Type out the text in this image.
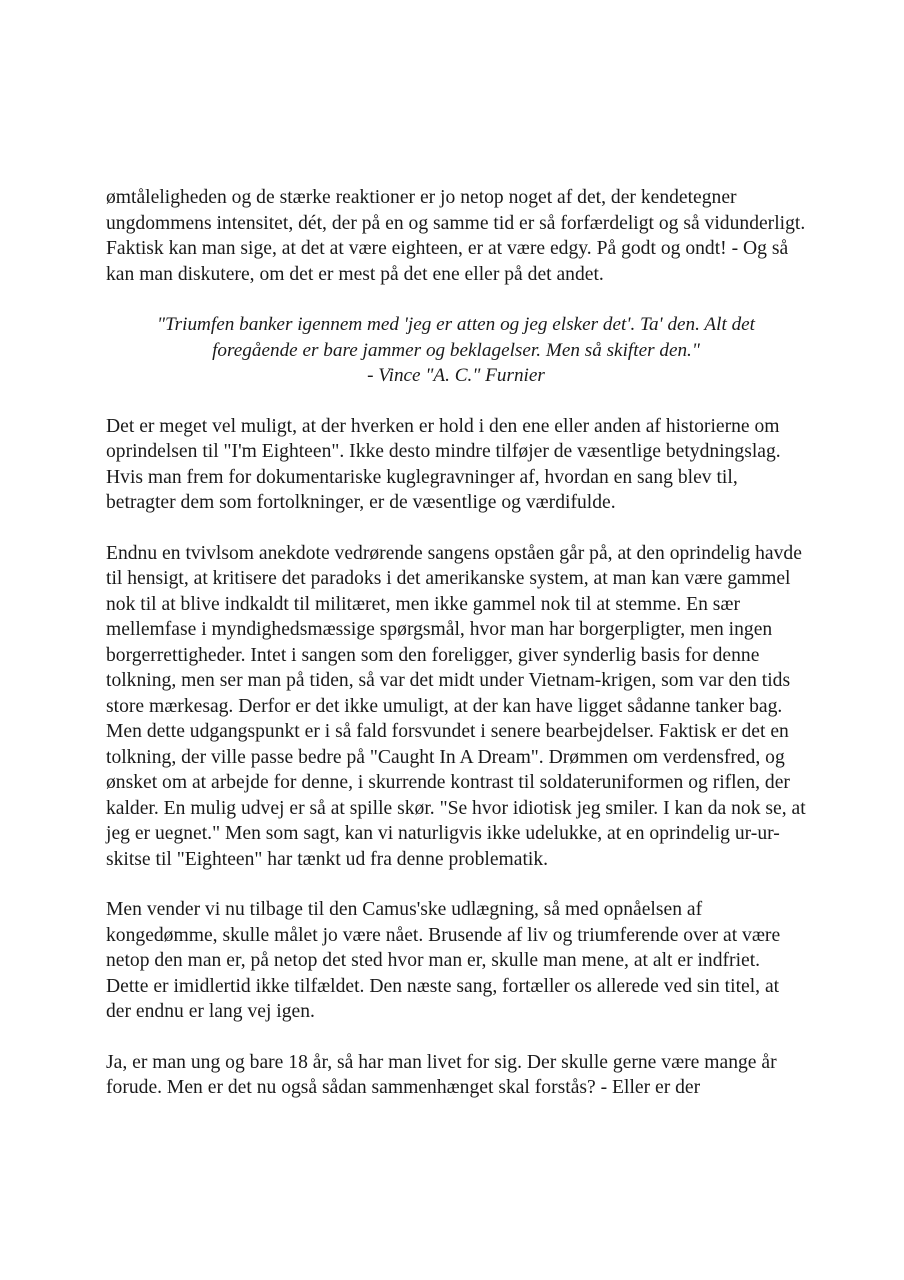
ømtåleligheden og de stærke reaktioner er jo netop noget af det, der kendetegner ungdommens intensitet, dét, der på en og samme tid er så forfærdeligt og så vidunderligt. Faktisk kan man sige, at det at være eighteen, er at være edgy. På godt og ondt! - Og så kan man diskutere, om det er mest på det ene eller på det andet.

"Triumfen banker igennem med 'jeg er atten og jeg elsker det'. Ta' den. Alt det
foregående er bare jammer og beklagelser. Men så skifter den."
- Vince "A. C." Furnier

Det er meget vel muligt, at der hverken er hold i den ene eller anden af historierne om oprindelsen til "I'm Eighteen". Ikke desto mindre tilføjer de væsentlige betydningslag. Hvis man frem for dokumentariske kuglegravninger af, hvordan en sang blev til, betragter dem som fortolkninger, er de væsentlige og værdifulde.

Endnu en tvivlsom anekdote vedrørende sangens opståen går på, at den oprindelig havde til hensigt, at kritisere det paradoks i det amerikanske system, at man kan være gammel nok til at blive indkaldt til militæret, men ikke gammel nok til at stemme. En sær mellemfase i myndighedsmæssige spørgsmål, hvor man har borgerpligter, men ingen borgerrettigheder. Intet i sangen som den foreligger, giver synderlig basis for denne tolkning, men ser man på tiden, så var det midt under Vietnam-krigen, som var den tids store mærkesag. Derfor er det ikke umuligt, at der kan have ligget sådanne tanker bag. Men dette udgangspunkt er i så fald forsvundet i senere bearbejdelser. Faktisk er det en tolkning, der ville passe bedre på "Caught In A Dream". Drømmen om verdensfred, og ønsket om at arbejde for denne, i skurrende kontrast til soldateruniformen og riflen, der kalder. En mulig udvej er så at spille skør. "Se hvor idiotisk jeg smiler. I kan da nok se, at jeg er uegnet." Men som sagt, kan vi naturligvis ikke udelukke, at en oprindelig ur-ur-skitse til "Eighteen" har tænkt ud fra denne problematik.

Men vender vi nu tilbage til den Camus'ske udlægning, så med opnåelsen af kongedømme, skulle målet jo være nået. Brusende af liv og triumferende over at være netop den man er, på netop det sted hvor man er, skulle man mene, at alt er indfriet. Dette er imidlertid ikke tilfældet. Den næste sang, fortæller os allerede ved sin titel, at der endnu er lang vej igen.

Ja, er man ung og bare 18 år, så har man livet for sig. Der skulle gerne være mange år forude. Men er det nu også sådan sammenhænget skal forstås? - Eller er der
